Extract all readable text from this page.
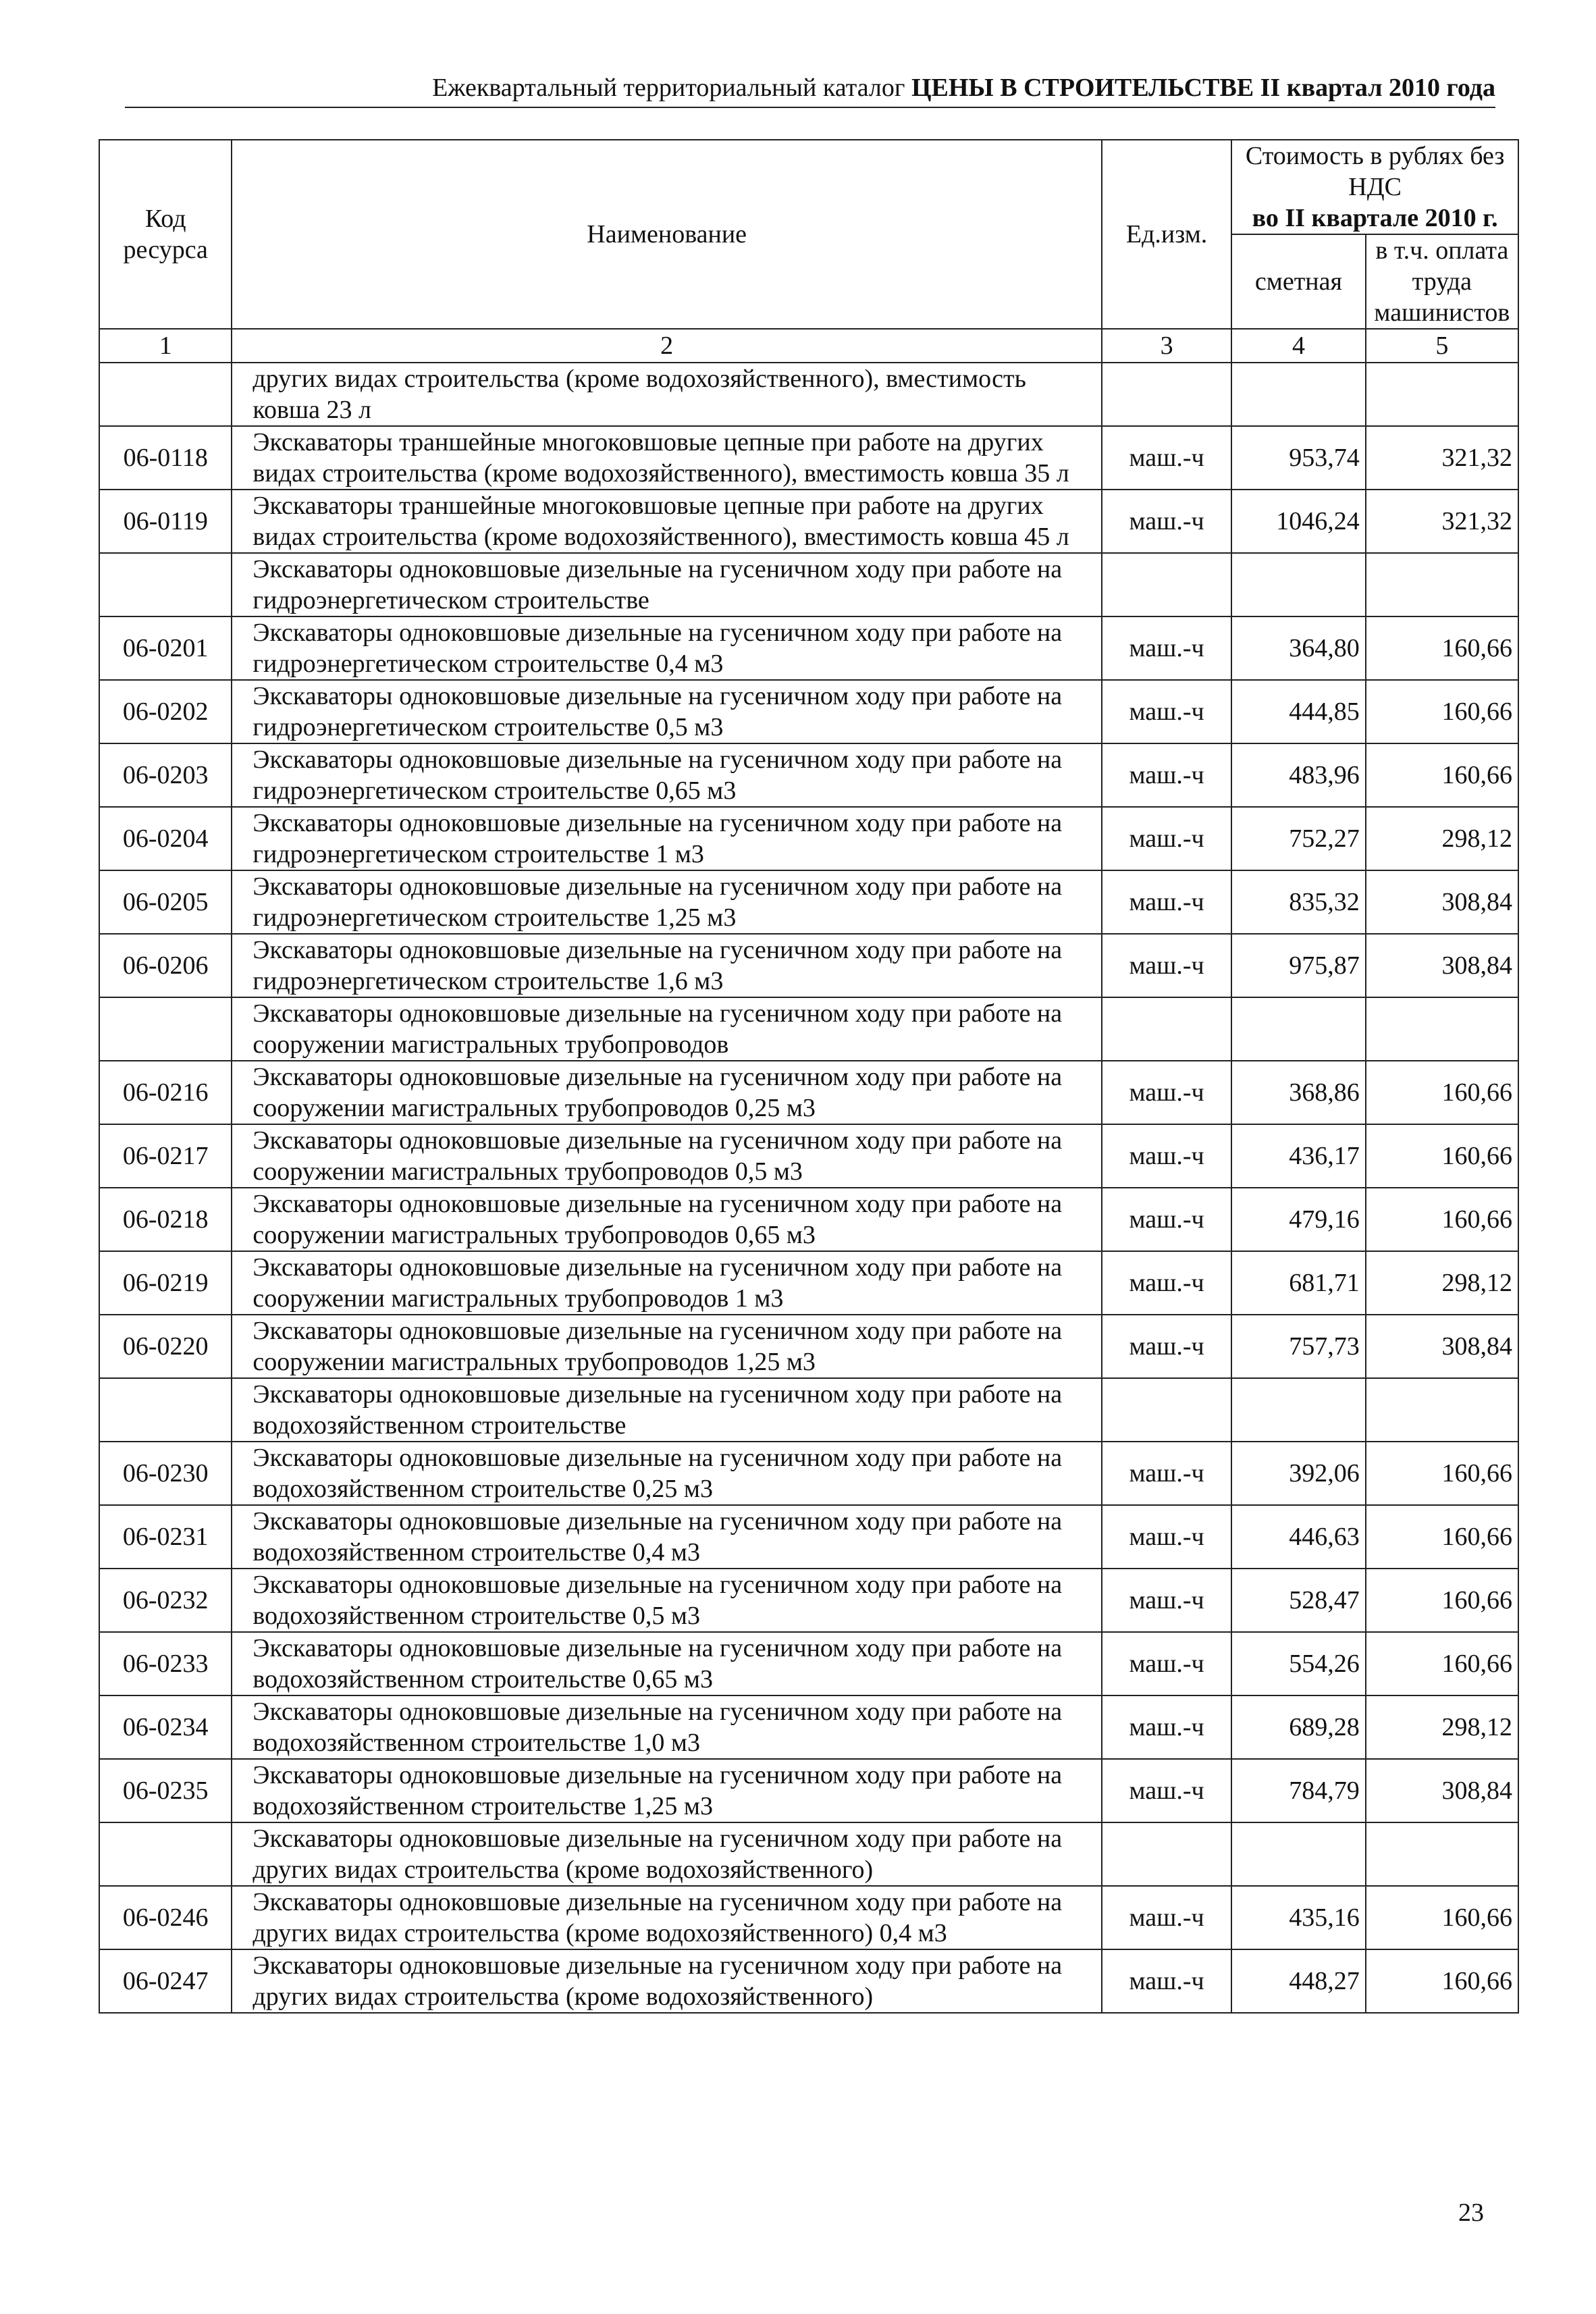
Ежеквартальный территориальный каталог ЦЕНЫ В СТРОИТЕЛЬСТВЕ II квартал 2010 года
Код ресурса	Наименование	Ед.изм.	Стоимость в рублях без НДС
во II квартале 2010 г.	
			сметная	в т.ч. оплата труда машинистов
1	2	3	4	5
	других видах строительства (кроме водохозяйственного), вместимость ковша 23 л			
06-0118	Экскаваторы траншейные многоковшовые цепные при работе на других видах строительства (кроме водохозяйственного), вместимость ковша 35 л	маш.-ч	953,74	321,32
06-0119	Экскаваторы траншейные многоковшовые цепные при работе на других видах строительства (кроме водохозяйственного), вместимость ковша 45 л	маш.-ч	1046,24	321,32
	Экскаваторы одноковшовые дизельные на гусеничном ходу при работе на гидроэнергетическом строительстве			
06-0201	Экскаваторы одноковшовые дизельные на гусеничном ходу при работе на гидроэнергетическом строительстве 0,4 м3	маш.-ч	364,80	160,66
06-0202	Экскаваторы одноковшовые дизельные на гусеничном ходу при работе на гидроэнергетическом строительстве 0,5 м3	маш.-ч	444,85	160,66
06-0203	Экскаваторы одноковшовые дизельные на гусеничном ходу при работе на гидроэнергетическом строительстве 0,65 м3	маш.-ч	483,96	160,66
06-0204	Экскаваторы одноковшовые дизельные на гусеничном ходу при работе на гидроэнергетическом строительстве 1 м3	маш.-ч	752,27	298,12
06-0205	Экскаваторы одноковшовые дизельные на гусеничном ходу при работе на гидроэнергетическом строительстве 1,25 м3	маш.-ч	835,32	308,84
06-0206	Экскаваторы одноковшовые дизельные на гусеничном ходу при работе на гидроэнергетическом строительстве 1,6 м3	маш.-ч	975,87	308,84
	Экскаваторы одноковшовые дизельные на гусеничном ходу при работе на сооружении магистральных трубопроводов			
06-0216	Экскаваторы одноковшовые дизельные на гусеничном ходу при работе на сооружении магистральных трубопроводов 0,25 м3	маш.-ч	368,86	160,66
06-0217	Экскаваторы одноковшовые дизельные на гусеничном ходу при работе на сооружении магистральных трубопроводов 0,5 м3	маш.-ч	436,17	160,66
06-0218	Экскаваторы одноковшовые дизельные на гусеничном ходу при работе на сооружении магистральных трубопроводов 0,65 м3	маш.-ч	479,16	160,66
06-0219	Экскаваторы одноковшовые дизельные на гусеничном ходу при работе на сооружении магистральных трубопроводов 1 м3	маш.-ч	681,71	298,12
06-0220	Экскаваторы одноковшовые дизельные на гусеничном ходу при работе на сооружении магистральных трубопроводов 1,25 м3	маш.-ч	757,73	308,84
	Экскаваторы одноковшовые дизельные на гусеничном ходу при работе на водохозяйственном строительстве			
06-0230	Экскаваторы одноковшовые дизельные на гусеничном ходу при работе на водохозяйственном строительстве 0,25 м3	маш.-ч	392,06	160,66
06-0231	Экскаваторы одноковшовые дизельные на гусеничном ходу при работе на водохозяйственном строительстве 0,4 м3	маш.-ч	446,63	160,66
06-0232	Экскаваторы одноковшовые дизельные на гусеничном ходу при работе на водохозяйственном строительстве 0,5 м3	маш.-ч	528,47	160,66
06-0233	Экскаваторы одноковшовые дизельные на гусеничном ходу при работе на водохозяйственном строительстве 0,65 м3	маш.-ч	554,26	160,66
06-0234	Экскаваторы одноковшовые дизельные на гусеничном ходу при работе на водохозяйственном строительстве 1,0 м3	маш.-ч	689,28	298,12
06-0235	Экскаваторы одноковшовые дизельные на гусеничном ходу при работе на водохозяйственном строительстве 1,25 м3	маш.-ч	784,79	308,84
	Экскаваторы одноковшовые дизельные на гусеничном ходу при работе на других видах строительства (кроме водохозяйственного)			
06-0246	Экскаваторы одноковшовые дизельные на гусеничном ходу при работе на других видах строительства (кроме водохозяйственного) 0,4 м3	маш.-ч	435,16	160,66
06-0247	Экскаваторы одноковшовые дизельные на гусеничном ходу при работе на других видах строительства (кроме водохозяйственного)	маш.-ч	448,27	160,66
23
